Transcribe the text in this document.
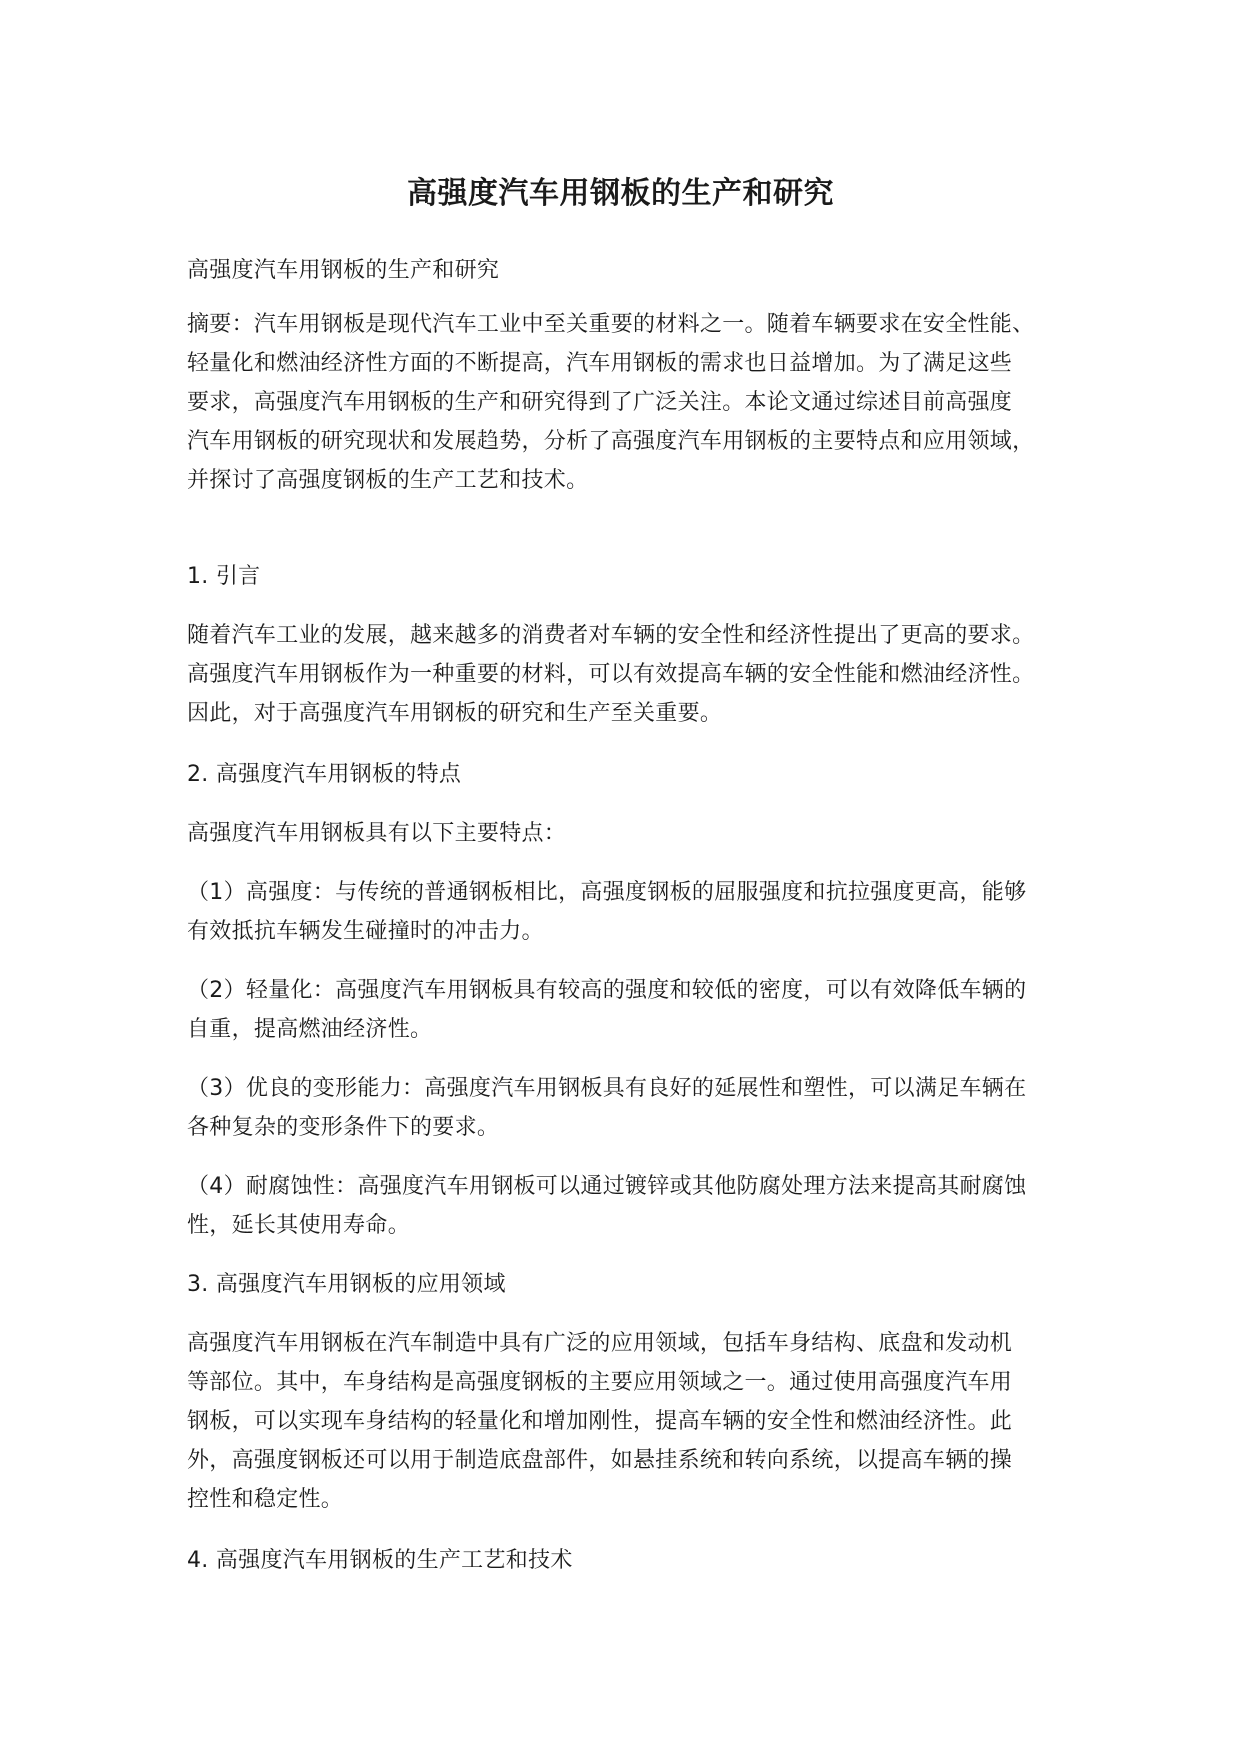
高强度汽车用钢板的生产和研究

高强度汽车用钢板的生产和研究

摘要：汽车用钢板是现代汽车工业中至关重要的材料之一。随着车辆要求在安全性能、
轻量化和燃油经济性方面的不断提高，汽车用钢板的需求也日益增加。为了满足这些
要求，高强度汽车用钢板的生产和研究得到了广泛关注。本论文通过综述目前高强度
汽车用钢板的研究现状和发展趋势，分析了高强度汽车用钢板的主要特点和应用领域，
并探讨了高强度钢板的生产工艺和技术。

1. 引言

随着汽车工业的发展，越来越多的消费者对车辆的安全性和经济性提出了更高的要求。
高强度汽车用钢板作为一种重要的材料，可以有效提高车辆的安全性能和燃油经济性。
因此，对于高强度汽车用钢板的研究和生产至关重要。

2. 高强度汽车用钢板的特点

高强度汽车用钢板具有以下主要特点：

（1）高强度：与传统的普通钢板相比，高强度钢板的屈服强度和抗拉强度更高，能够
有效抵抗车辆发生碰撞时的冲击力。

（2）轻量化：高强度汽车用钢板具有较高的强度和较低的密度，可以有效降低车辆的
自重，提高燃油经济性。

（3）优良的变形能力：高强度汽车用钢板具有良好的延展性和塑性，可以满足车辆在
各种复杂的变形条件下的要求。

（4）耐腐蚀性：高强度汽车用钢板可以通过镀锌或其他防腐处理方法来提高其耐腐蚀
性，延长其使用寿命。

3. 高强度汽车用钢板的应用领域

高强度汽车用钢板在汽车制造中具有广泛的应用领域，包括车身结构、底盘和发动机
等部位。其中，车身结构是高强度钢板的主要应用领域之一。通过使用高强度汽车用
钢板，可以实现车身结构的轻量化和增加刚性，提高车辆的安全性和燃油经济性。此
外，高强度钢板还可以用于制造底盘部件，如悬挂系统和转向系统，以提高车辆的操
控性和稳定性。

4. 高强度汽车用钢板的生产工艺和技术
